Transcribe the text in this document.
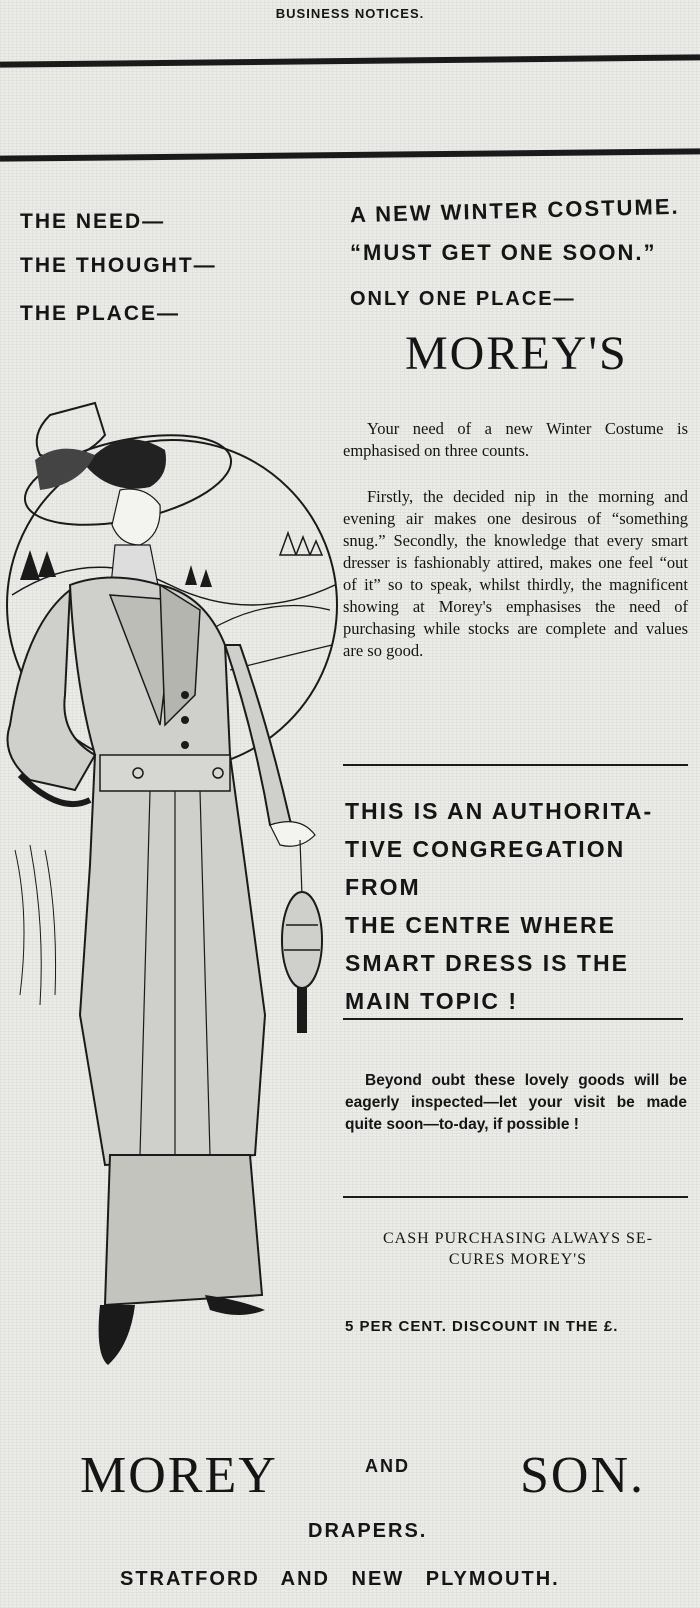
BUSINESS NOTICES.
THE NEED—
THE THOUGHT—
THE PLACE—
A NEW WINTER COSTUME.
“MUST GET ONE SOON.”
ONLY ONE PLACE—
MOREY'S
Your need of a new Winter Costume is emphasised on three counts.
Firstly, the decided nip in the morning and evening air makes one desirous of “something snug.” Secondly, the knowledge that every smart dresser is fashionably attired, makes one feel “out of it” so to speak, whilst thirdly, the magnificent showing at Morey's emphasises the need of purchasing while stocks are complete and values are so good.
THIS IS AN AUTHORITA-
TIVE CONGREGATION FROM
THE CENTRE WHERE
SMART DRESS IS THE
MAIN TOPIC !
Beyond oubt these lovely goods will be eagerly inspected—let your visit be made quite soon—to-day, if possible !
CASH PURCHASING ALWAYS SE-
CURES MOREY'S
5 PER CENT. DISCOUNT IN THE £.
MOREY	AND SON.
DRAPERS.
STRATFORD AND NEW PLYMOUTH.
